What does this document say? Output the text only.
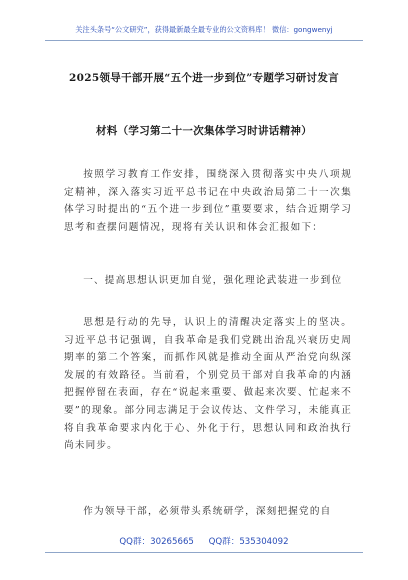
关注头条号“公文研究”，获得最新最全最专业的公文资料库！ 微信：gongwenyj
2025领导干部开展“五个进一步到位”专题学习研讨发言
材料（学习第二十一次集体学习时讲话精神）
按照学习教育工作安排，围绕深入贯彻落实中央八项规定精神，深入落实习近平总书记在中央政治局第二十一次集体学习时提出的“五个进一步到位”重要要求，结合近期学习思考和查摆问题情况，现将有关认识和体会汇报如下：
一、提高思想认识更加自觉，强化理论武装进一步到位
思想是行动的先导，认识上的清醒决定落实上的坚决。习近平总书记强调，自我革命是我们党跳出治乱兴衰历史周期率的第二个答案，而抓作风就是推动全面从严治党向纵深发展的有效路径。当前看，个别党员干部对自我革命的内涵把握停留在表面，存在“说起来重要、做起来次要、忙起来不要”的现象。部分同志满足于会议传达、文件学习，未能真正将自我革命要求内化于心、外化于行，思想认同和政治执行尚未同步。
作为领导干部，必须带头系统研学，深刻把握党的自
QQ群：30265665 QQ群：535304092
